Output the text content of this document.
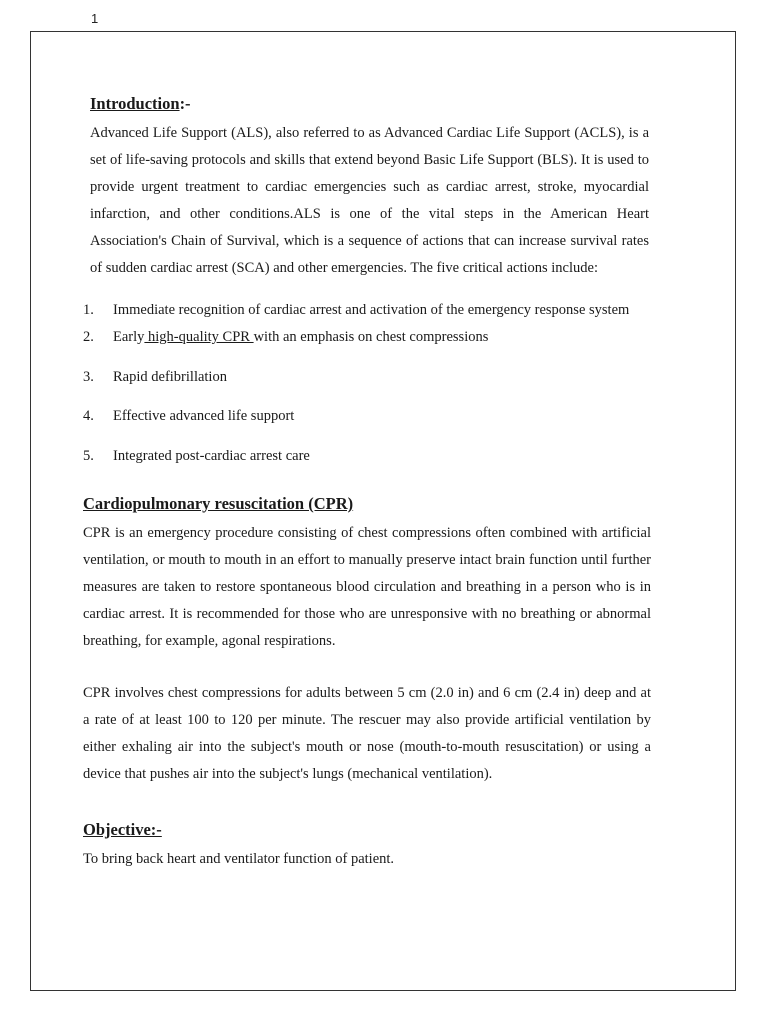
1
Introduction:-

Advanced Life Support (ALS), also referred to as Advanced Cardiac Life Support (ACLS), is a set of life-saving protocols and skills that extend beyond Basic Life Support (BLS). It is used to provide urgent treatment to cardiac emergencies such as cardiac arrest, stroke, myocardial infarction, and other conditions.ALS is one of the vital steps in the American Heart Association's Chain of Survival, which is a sequence of actions that can increase survival rates of sudden cardiac arrest (SCA) and other emergencies. The five critical actions include:

1. Immediate recognition of cardiac arrest and activation of the emergency response system
2. Early high-quality CPR with an emphasis on chest compressions
3. Rapid defibrillation
4. Effective advanced life support
5. Integrated post-cardiac arrest care
Cardiopulmonary resuscitation (CPR)

CPR is an emergency procedure consisting of chest compressions often combined with artificial ventilation, or mouth to mouth in an effort to manually preserve intact brain function until further measures are taken to restore spontaneous blood circulation and breathing in a person who is in cardiac arrest. It is recommended for those who are unresponsive with no breathing or abnormal breathing, for example, agonal respirations.

CPR involves chest compressions for adults between 5 cm (2.0 in) and 6 cm (2.4 in) deep and at a rate of at least 100 to 120 per minute. The rescuer may also provide artificial ventilation by either exhaling air into the subject's mouth or nose (mouth-to-mouth resuscitation) or using a device that pushes air into the subject's lungs (mechanical ventilation).

Objective:-

To bring back heart and ventilator function of patient.
